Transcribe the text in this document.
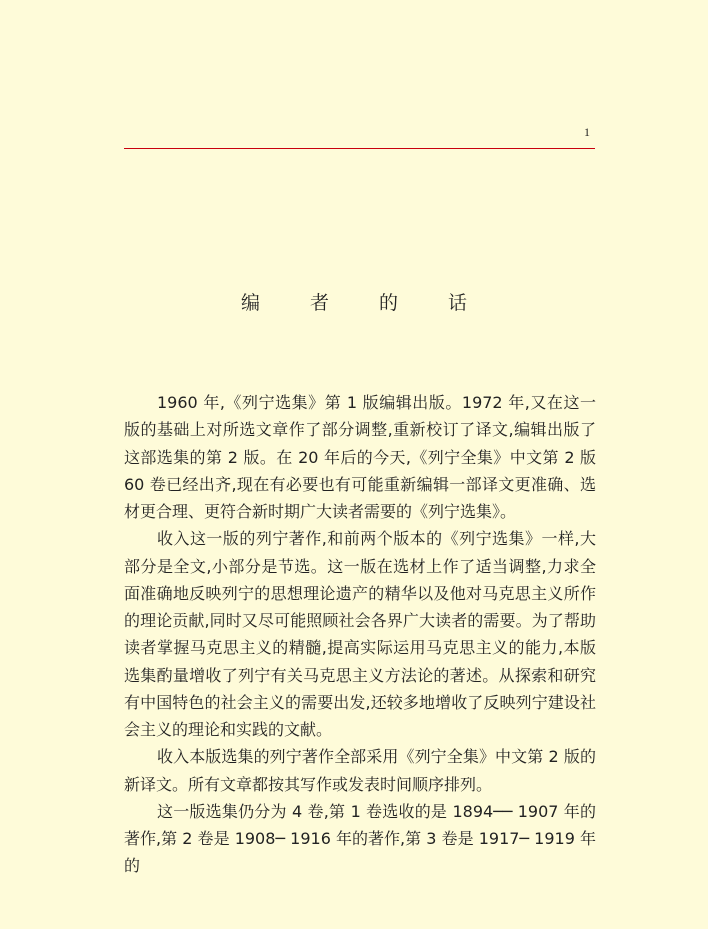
1
编 者 的 话

1960 年,《列宁选集》第 1 版编辑出版。1972 年,又在这一版的基础上对所选文章作了部分调整,重新校订了译文,编辑出版了这部选集的第 2 版。在 20 年后的今天,《列宁全集》中文第 2 版 60 卷已经出齐,现在有必要也有可能重新编辑一部译文更准确、选材更合理、更符合新时期广大读者需要的《列宁选集》。

收入这一版的列宁著作,和前两个版本的《列宁选集》一样,大部分是全文,小部分是节选。这一版在选材上作了适当调整,力求全面准确地反映列宁的思想理论遗产的精华以及他对马克思主义所作的理论贡献,同时又尽可能照顾社会各界广大读者的需要。为了帮助读者掌握马克思主义的精髓,提高实际运用马克思主义的能力,本版选集酌量增收了列宁有关马克思主义方法论的著述。从探索和研究有中国特色的社会主义的需要出发,还较多地增收了反映列宁建设社会主义的理论和实践的文献。

收入本版选集的列宁著作全部采用《列宁全集》中文第 2 版的新译文。所有文章都按其写作或发表时间顺序排列。

这一版选集仍分为 4 卷,第 1 卷选收的是 1894── 1907 年的著作,第 2 卷是 1908─ 1916 年的著作,第 3 卷是 1917─ 1919 年的
